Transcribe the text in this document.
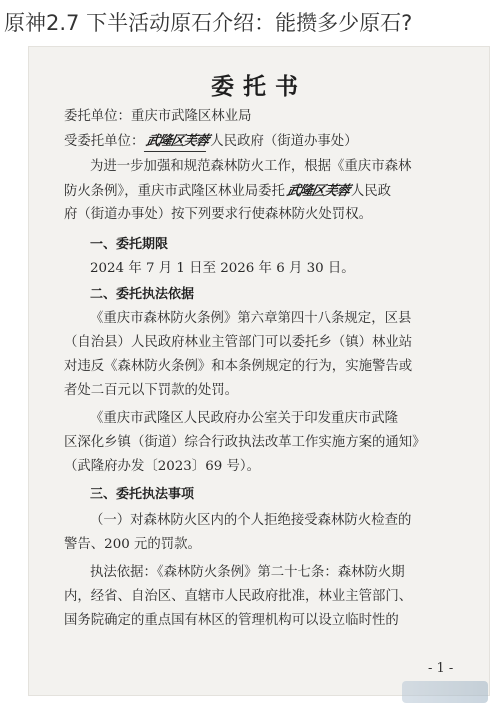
原神2.7 下半活动原石介绍：能攒多少原石?
委托书
委托单位：重庆市武隆区林业局
受委托单位：武隆区芙蓉人民政府（街道办事处）
为进一步加强和规范森林防火工作，根据《重庆市森林
防火条例》，重庆市武隆区林业局委托武隆区芙蓉人民政
府（街道办事处）按下列要求行使森林防火处罚权。
一、委托期限
2024 年 7 月 1 日至 2026 年 6 月 30 日。
二、委托执法依据
《重庆市森林防火条例》第六章第四十八条规定，区县
（自治县）人民政府林业主管部门可以委托乡（镇）林业站
对违反《森林防火条例》和本条例规定的行为，实施警告或
者处二百元以下罚款的处罚。
《重庆市武隆区人民政府办公室关于印发重庆市武隆
区深化乡镇（街道）综合行政执法改革工作实施方案的通知》
（武隆府办发〔2023〕69 号）。
三、委托执法事项
（一）对森林防火区内的个人拒绝接受森林防火检查的
警告、200 元的罚款。
执法依据：《森林防火条例》第二十七条：森林防火期
内，经省、自治区、直辖市人民政府批准，林业主管部门、
国务院确定的重点国有林区的管理机构可以设立临时性的
- 1 -
